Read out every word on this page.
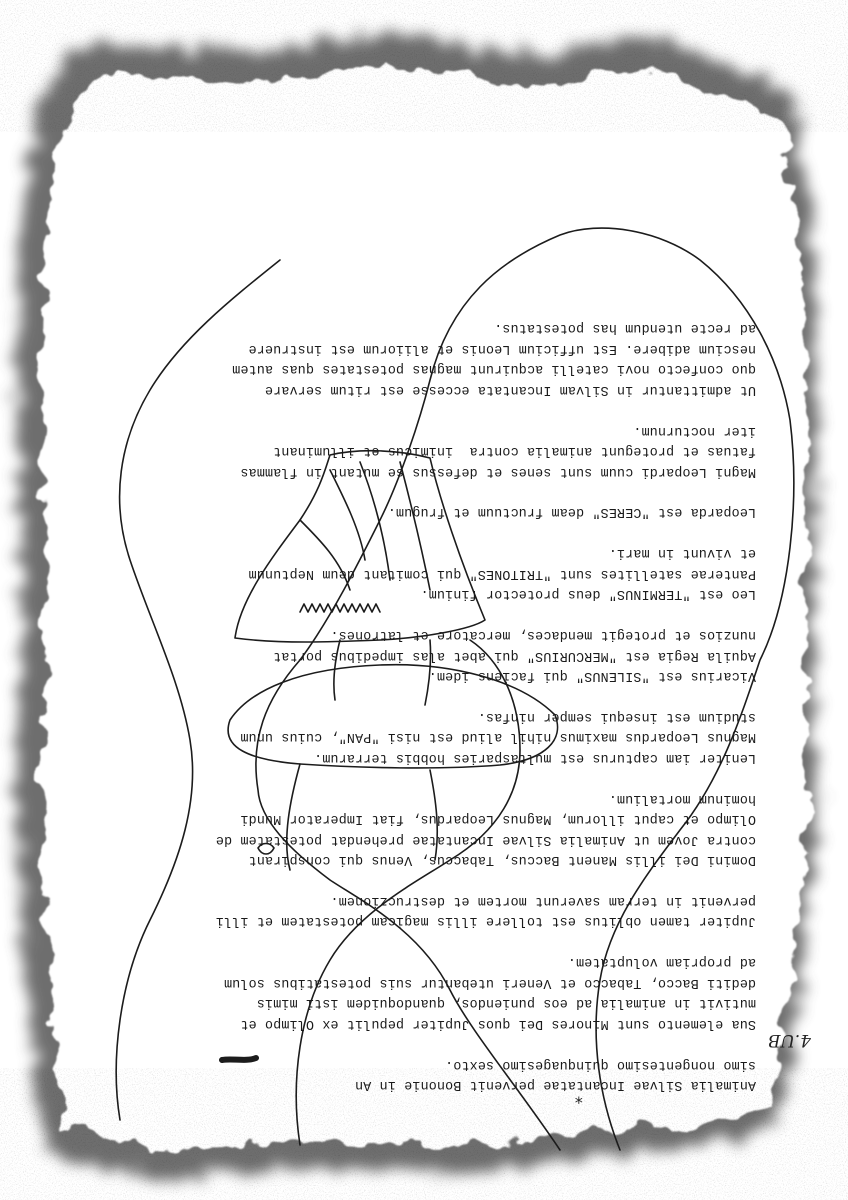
Animalia Silvae Incantatae pervenit Bononie in An

simo nongentesimo quinquagesimo sexto.

Sua elemento sunt Minores Dei quos Jupiter pepulit ex Olimpo et

mutivit in animalia ad eos puniendos, quandoquidem isti mimis

dediti Bacco, Tabacco et Veneri utebantur suis potestatibus solum

ad propriam voluptatem.

Jupiter tamen oblitus est tollere illis magicam potestatem et illi

pervenit in terram saverunt mortem et destruczionem.

Domini Dei illis Manent Baccus, Tabaccus, Venus qui conspirant

contra Jovem ut Animalia Silvae Incantatae prehendat potestatem de

Olimpo et caput illorum, Magnus Leopardus, fiat Imperator Mundi

hominum mortalium.

Leniter iam capturus est multasparies hobbis terrarum.

Magnus Leopardus maximus nihil aliud est nisi "PAN", cuius unum

studium est insequi semper ninfas.

Vicarius est "SILENUS" qui faciens idem.

Aquila Regia est "MERCURIUS" qui abet alas impedibus portat

nunzios et protegit mendaces, mercatore et latrones.

Leo est "TERMINUS" deus protector finium.

Panterae satellites sunt "TRITONES" qui comitant deum Neptunum

et vivunt in mari.

Leoparda est "CERES" deam fructuum et frugum.

Magni Leopardi cuum sunt senes et defessus se mutant in flammas

fatuas et protegunt animalia contra  inimicus et illuminant

iter nocturnum.

Ut admittantur in Silvam Incantata eccesse est ritum servare

quo confecto novi catelli acquirunt magnas potestates quas autem

nescium adibere. Est ufficium Leonis et aliiorum est instruere

ad recte utendum has potestatus.

4.UB
*
